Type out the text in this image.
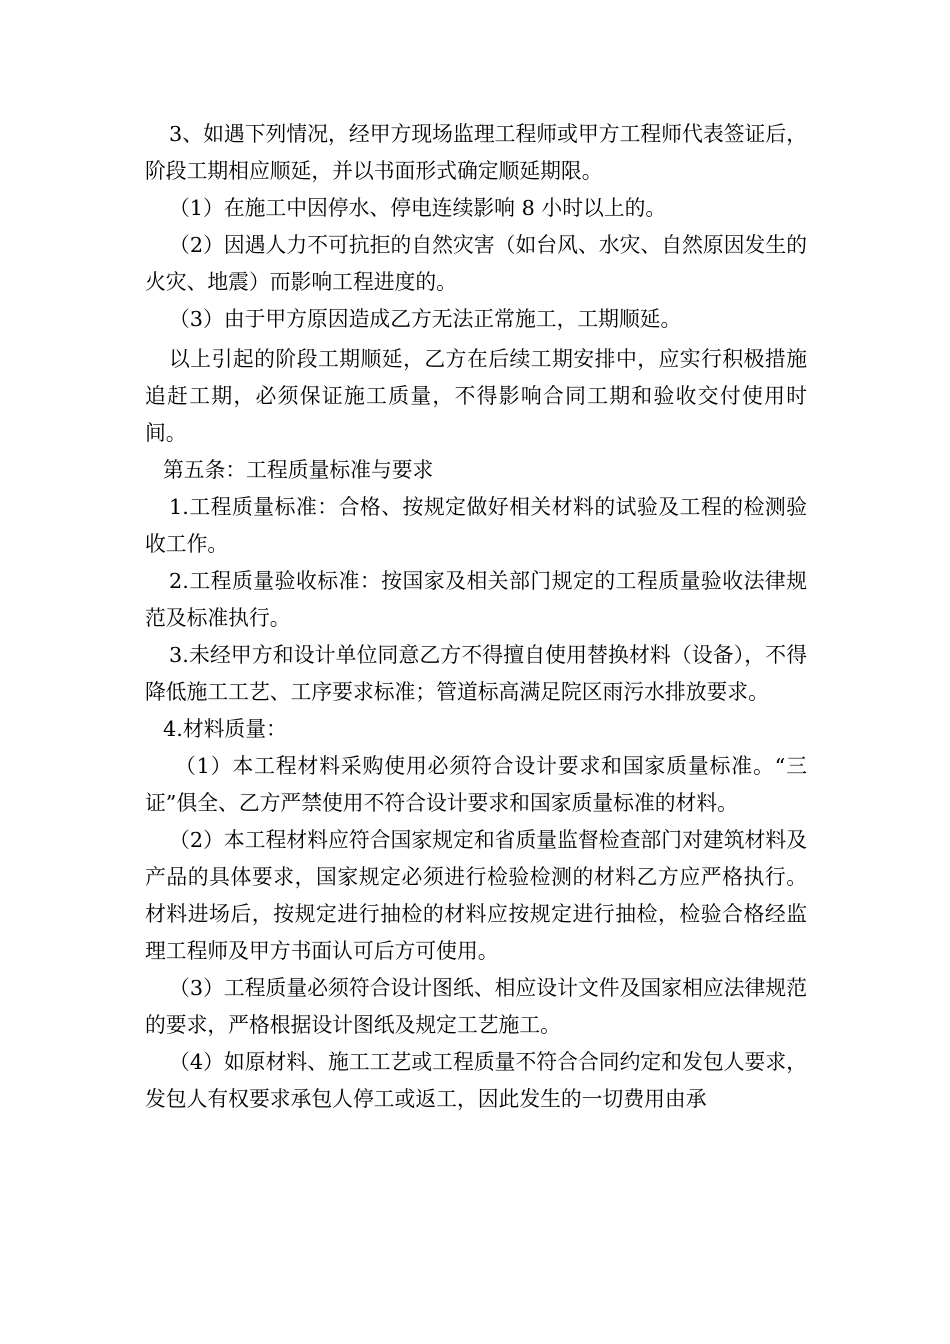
3、如遇下列情况，经甲方现场监理工程师或甲方工程师代表签证后，阶段工期相应顺延，并以书面形式确定顺延期限。

（1）在施工中因停水、停电连续影响 8 小时以上的。

（2）因遇人力不可抗拒的自然灾害（如台风、水灾、自然原因发生的火灾、地震）而影响工程进度的。

（3）由于甲方原因造成乙方无法正常施工，工期顺延。

以上引起的阶段工期顺延，乙方在后续工期安排中，应实行积极措施追赶工期，必须保证施工质量，不得影响合同工期和验收交付使用时间。

第五条：工程质量标准与要求

1.工程质量标准：合格、按规定做好相关材料的试验及工程的检测验收工作。

2.工程质量验收标准：按国家及相关部门规定的工程质量验收法律规范及标准执行。

3.未经甲方和设计单位同意乙方不得擅自使用替换材料（设备），不得降低施工工艺、工序要求标准；管道标高满足院区雨污水排放要求。

4.材料质量：

（1）本工程材料采购使用必须符合设计要求和国家质量标准。“三证”俱全、乙方严禁使用不符合设计要求和国家质量标准的材料。

（2）本工程材料应符合国家规定和省质量监督检查部门对建筑材料及产品的具体要求，国家规定必须进行检验检测的材料乙方应严格执行。材料进场后，按规定进行抽检的材料应按规定进行抽检，检验合格经监理工程师及甲方书面认可后方可使用。

（3）工程质量必须符合设计图纸、相应设计文件及国家相应法律规范的要求，严格根据设计图纸及规定工艺施工。

（4）如原材料、施工工艺或工程质量不符合合同约定和发包人要求，发包人有权要求承包人停工或返工，因此发生的一切费用由承
